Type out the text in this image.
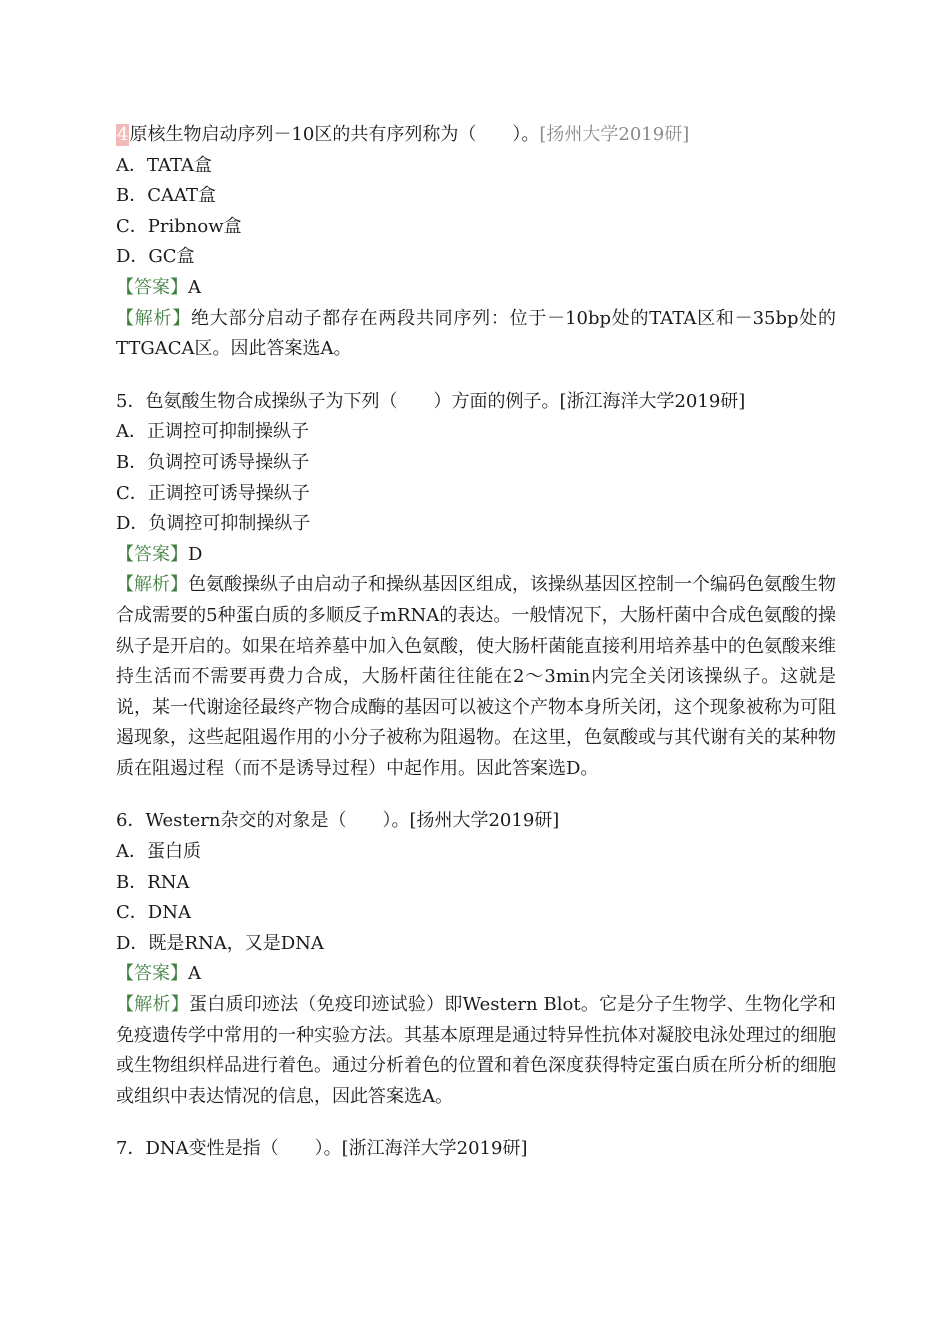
4原核生物启动序列－10区的共有序列称为（　　）。[扬州大学2019研]
A．TATA盒
B．CAAT盒
C．Pribnow盒
D．GC盒
【答案】A
【解析】绝大部分启动子都存在两段共同序列：位于－10bp处的TATA区和－35bp处的TTGACA区。因此答案选A。
5．色氨酸生物合成操纵子为下列（　　）方面的例子。[浙江海洋大学2019研]
A．正调控可抑制操纵子
B．负调控可诱导操纵子
C．正调控可诱导操纵子
D．负调控可抑制操纵子
【答案】D
【解析】色氨酸操纵子由启动子和操纵基因区组成，该操纵基因区控制一个编码色氨酸生物合成需要的5种蛋白质的多顺反子mRNA的表达。一般情况下，大肠杆菌中合成色氨酸的操纵子是开启的。如果在培养墓中加入色氨酸，使大肠杆菌能直接利用培养基中的色氨酸来维持生活而不需要再费力合成，大肠杆菌往往能在2～3min内完全关闭该操纵子。这就是说，某一代谢途径最终产物合成酶的基因可以被这个产物本身所关闭，这个现象被称为可阻遏现象，这些起阻遏作用的小分子被称为阻遏物。在这里，色氨酸或与其代谢有关的某种物质在阻遏过程（而不是诱导过程）中起作用。因此答案选D。
6．Western杂交的对象是（　　）。[扬州大学2019研]
A．蛋白质
B．RNA
C．DNA
D．既是RNA，又是DNA
【答案】A
【解析】蛋白质印迹法（免疫印迹试验）即Western Blot。它是分子生物学、生物化学和免疫遗传学中常用的一种实验方法。其基本原理是通过特异性抗体对凝胶电泳处理过的细胞或生物组织样品进行着色。通过分析着色的位置和着色深度获得特定蛋白质在所分析的细胞或组织中表达情况的信息，因此答案选A。
7．DNA变性是指（　　）。[浙江海洋大学2019研]
